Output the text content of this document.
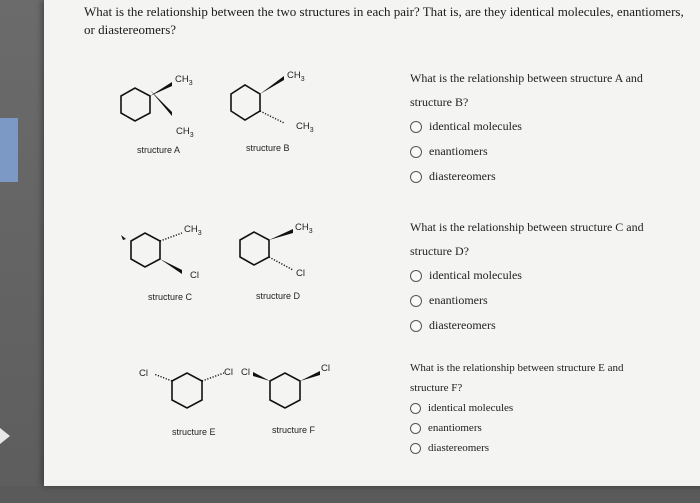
What is the relationship between the two structures in each pair? That is, are they identical molecules, enantiomers, or diastereomers?
$CH_3$
$CH_3$
structure A
$CH_3$
$CH_3$
structure B
$CH_3$
Cl
structure C
$CH_3$
Cl
structure D
Cl	Cl
structure E
Cl	Cl
structure F
What is the relationship between structure A and
structure B?
identical molecules
enantiomers
diastereomers
What is the relationship between structure C and
structure D?
identical molecules
enantiomers
diastereomers
What is the relationship between structure E and
structure F?
identical molecules
enantiomers
diastereomers
